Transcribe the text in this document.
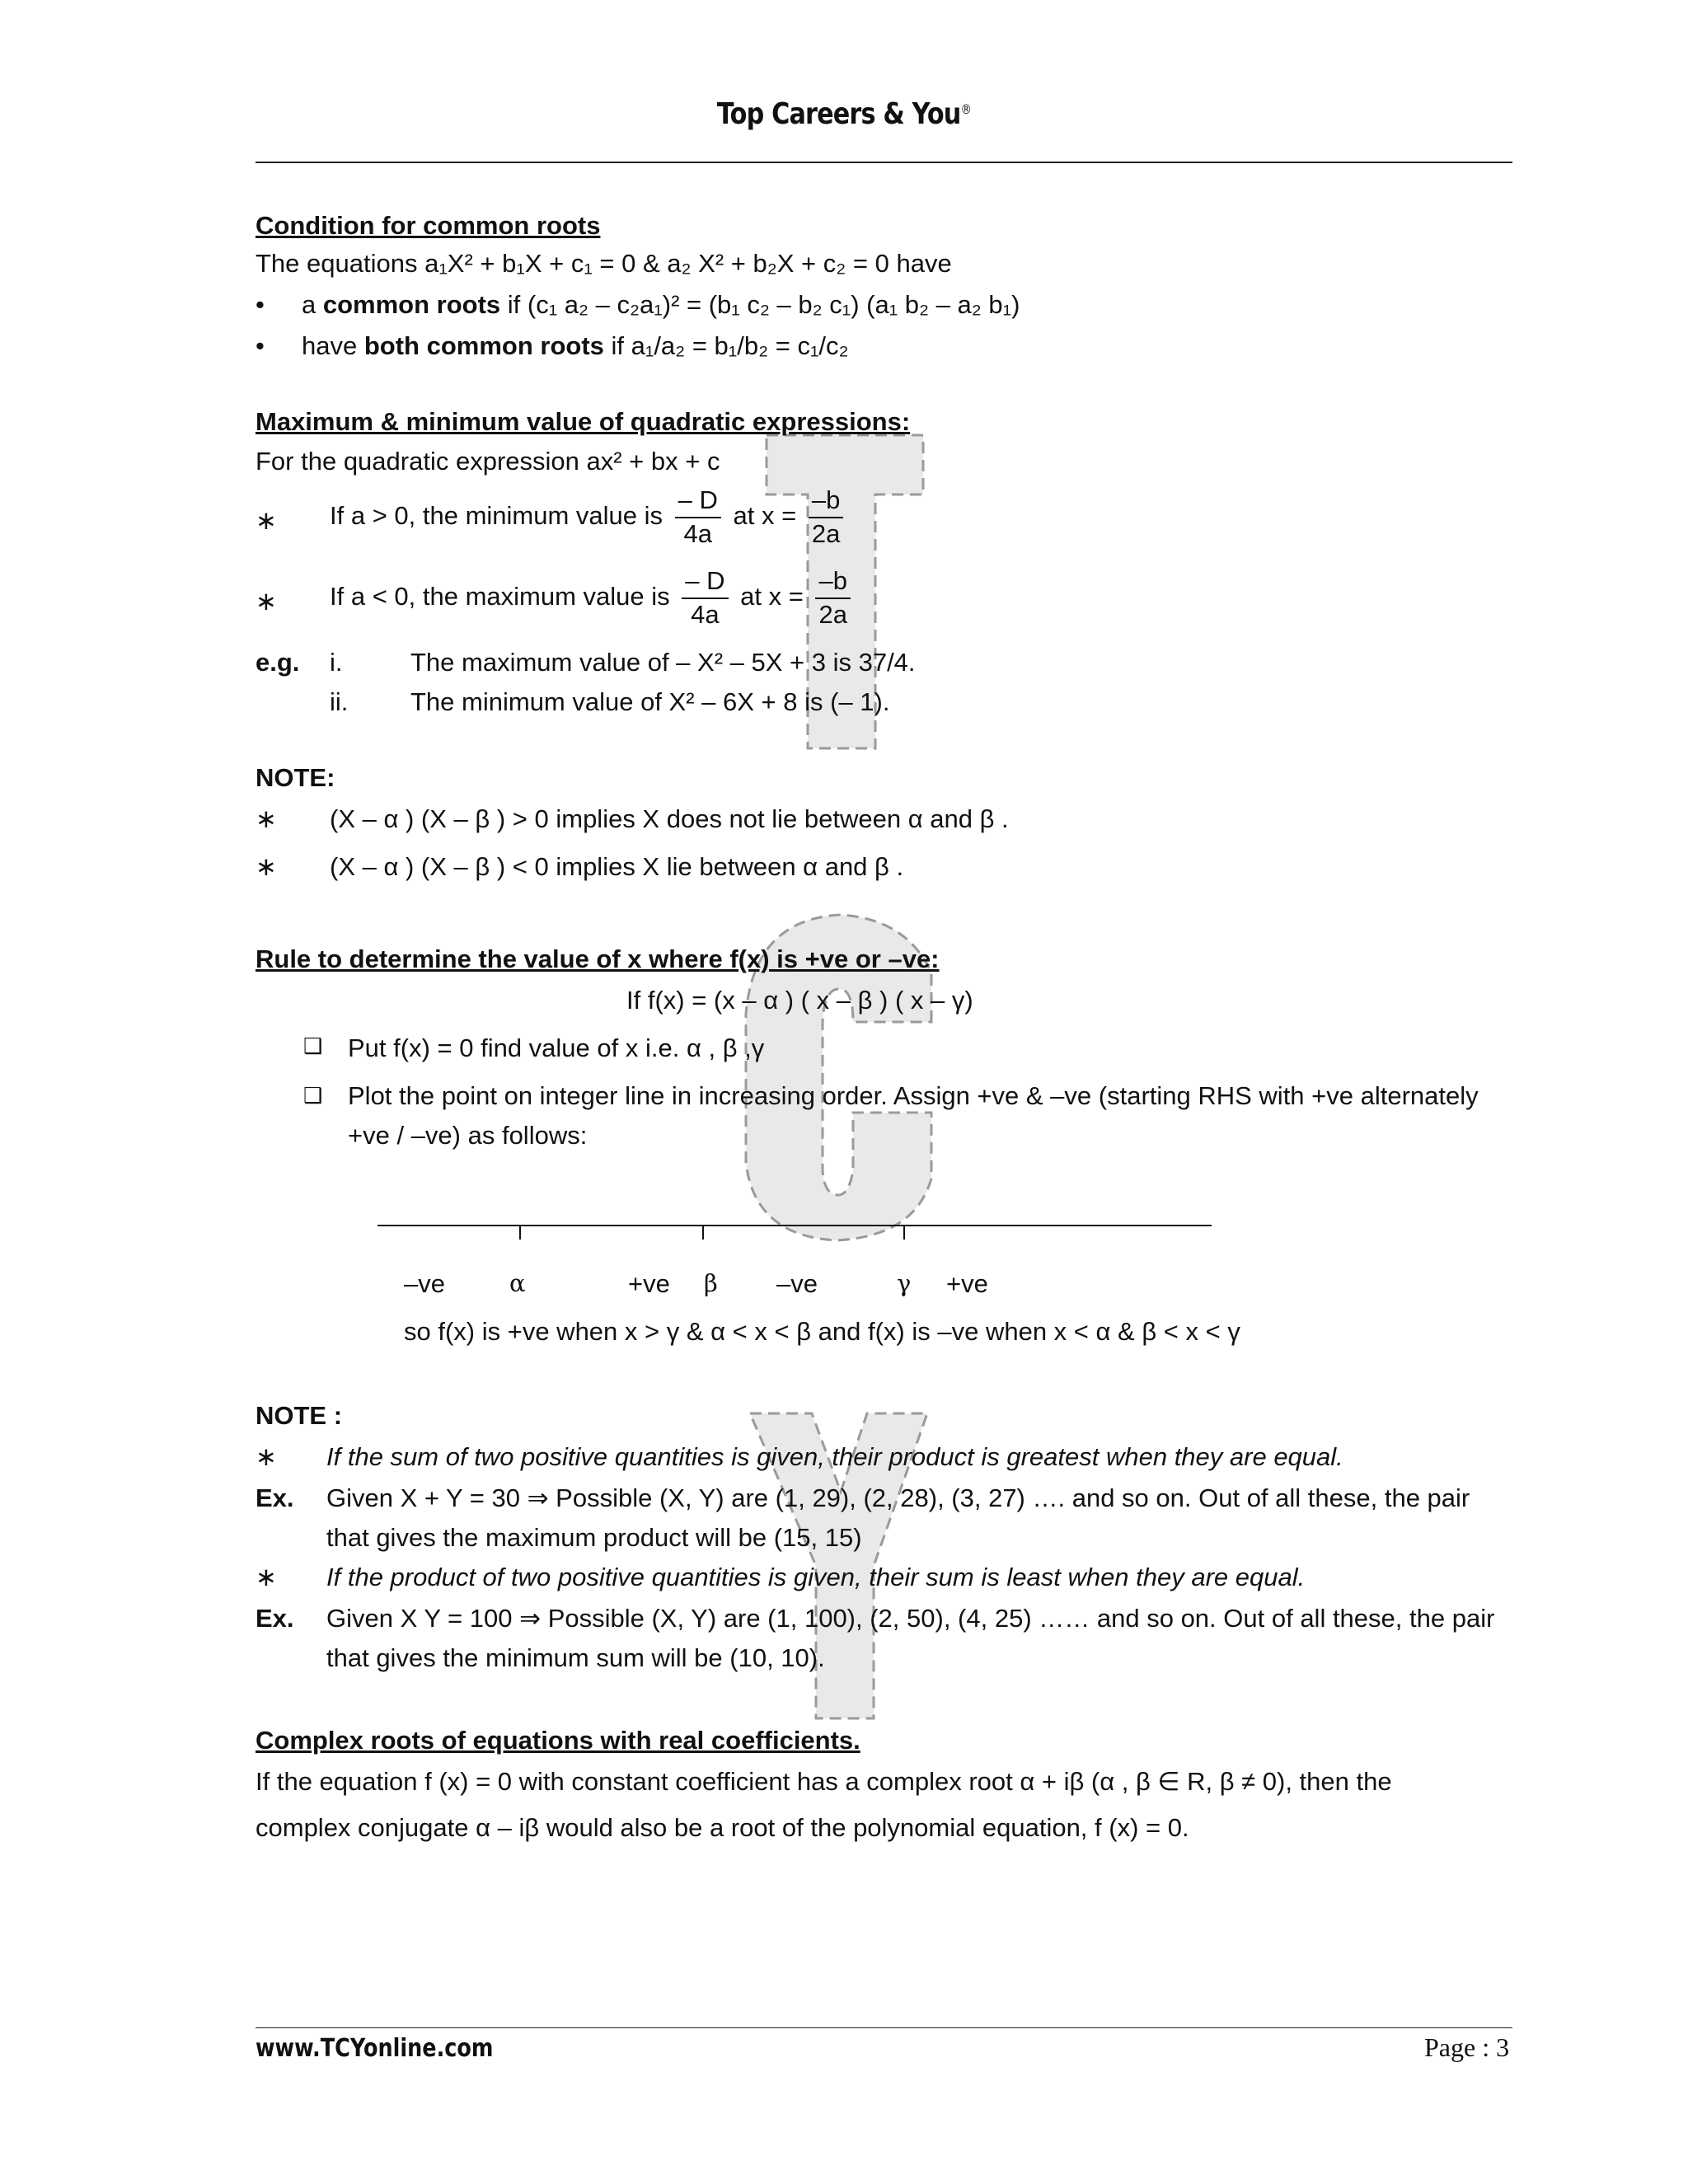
Top Careers & You®
Condition for common roots
The equations a₁X² + b₁X + c₁ = 0 & a₂ X² + b₂X + c₂ = 0 have
• a common roots if (c₁ a₂ – c₂a₁)² = (b₁ c₂ – b₂ c₁) (a₁ b₂ – a₂ b₁)
• have both common roots if a₁/a₂ = b₁/b₂ = c₁/c₂
Maximum & minimum value of quadratic expressions:
For the quadratic expression ax² + bx + c
∗ If a > 0, the minimum value is $\frac{- D}{4a}$ at $x = \frac{-b}{2a}$
∗ If a < 0, the maximum value is $\frac{- D}{4a}$ at $x = \frac{-b}{2a}$
e.g. i.	The maximum value of – X² – 5X + 3 is 37/4.
ii. The minimum value of X² – 6X + 8 is (– 1).
NOTE:
∗ (X – α ) (X – β ) > 0 implies X does not lie between α and β .
∗ (X – α ) (X – β ) < 0 implies X lie between α and β .
Rule to determine the value of x where f(x) is +ve or –ve:
If f(x) = (x – α ) ( x – β ) ( x – γ)
❑ Put f(x) = 0 find value of x i.e. α , β ,γ
❑ Plot the point on integer line in increasing order. Assign +ve & –ve (starting RHS with +ve alternately
+ve / –ve) as follows:
–ve	α	+ve β –ve	γ +ve
so f(x) is +ve when x > γ & α < x < β and f(x) is –ve when x < α & β < x < γ
NOTE :
∗ If the sum of two positive quantities is given, their product is greatest when they are equal.
Ex. Given X + Y = 30 ⇒ Possible (X, Y) are (1, 29), (2, 28), (3, 27) …. and so on. Out of all these, the pair
that gives the maximum product will be (15, 15)
∗ If the product of two positive quantities is given, their sum is least when they are equal.
Ex. Given X Y = 100 ⇒ Possible (X, Y) are (1, 100), (2, 50), (4, 25) …… and so on. Out of all these, the pair
that gives the minimum sum will be (10, 10).
Complex roots of equations with real coefficients.
If the equation f (x) = 0 with constant coefficient has a complex root α + iβ (α , β ∈ R, β ≠ 0), then the
complex conjugate α – iβ would also be a root of the polynomial equation, f (x) = 0.
www.TCYonline.com	Page : 3
